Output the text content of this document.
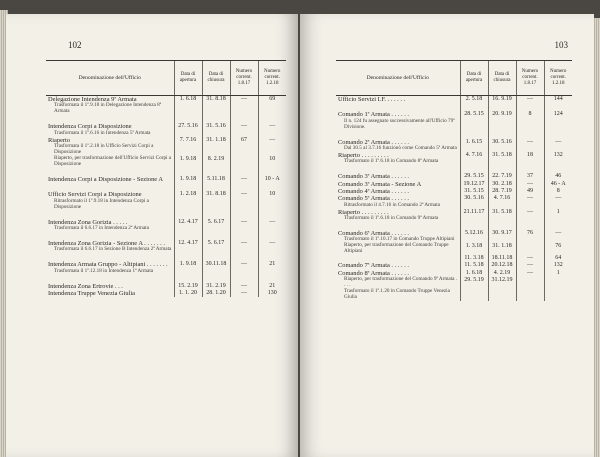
102
Denominazione dell'Ufficio	Data di apertura	Data di chiusura	Numero corrent. 1.8.17	Numero corrent. 1.2.18
Delegazione Intendenza 9ª Armata	1. 6.18	31. 8.18	—	69
Trasformata il 1º.9.18 in Delegazione Intendenza 8ª Armata				

Intendenza Corpi a Disposizione	27. 5.16	31. 5.16	—	—
Trasformata il 1º.6.16 in Intendenza 5ª Armata				
Riaperto	7. 7.16	31. 1.18	67	—
Trasformata il 1º.2.18 in Ufficio Servizi Corpi a Disposizione				
Riaperto, per trasformazione dell'Ufficio Servizi Corpi a Disposizione	1. 9.18	8. 2.19		10

Intendenza Corpi a Disposizione - Sezione A	1. 9.18	5.11.18	—	10 - A

Ufficio Servizi Corpi a Disposizione	1. 2.18	31. 8.18	—	10
Ritrasformato il 1º.9.18 in Intendenza Corpi a Disposizione				

Intendenza Zona Gorizia . . . . .	12. 4.17	5. 6.17	—	—
Trasformata il 6.6.17 in Intendenza 2ª Armata				

Intendenza Zona Gorizia - Sezione A . . . . . . .	12. 4.17	5. 6.17	—	—
Trasformata il 6.6.17 in Sezione B Intendenza 2ª Armata				

Intendenza Armata Gruppo - Altipiani . . . . . . .	1. 9.18	30.11.18	—	21
Trasformata il 1º.12.18 in Intendenza 1ª Armata				

Intendenza Zona Ertrovie . . .	15. 2.19	31. 2.19	—	21
Intendenza Truppe Venezia Giulia	1. 1. 20	28. 1.20	—	130
103
Denominazione dell'Ufficio	Data di apertura	Data di chiusura	Numero corrent. 1.8.17	Numero corrent. 1.2.18
Ufficio Servizi I.F. . . . . . .	2. 5.18	16. 9.19	—	144

Comando 1ª Armata . . . . . .	28. 5.15	20. 9.19	8	124
Il n. 124 fu assegnato successivamente all'Ufficio 79ª Divisione.				

Comando 2ª Armata . . . . . .	1. 6.15	30. 5.16	—	—
Dal 30.5 al 3.7.16 funzionò come Comando 5ª Armata				
Riaperto . . . . . . . . .	4. 7.16	31. 5.18	18	132
Trasformato il 1º.6.18 in Comando 8ª Armata				

Comando 3ª Armata . . . . . .	29. 5.15	22. 7.19	37	46
Comando 3ª Armata - Sezione A	19.12.17	30. 2.18	—	46 - A
Comando 4ª Armata . . . . . .	31. 5.15	28. 7.19	49	8
Comando 5ª Armata . . . . . .	30. 5.16	4. 7.16	—	—
Ritrasformato il 4.7.16 in Comando 2ª Armata				
Riaperto . . . . . . . . .	21.11.17	31. 5.18	—	1
Trasformato il 1º.6.18 in Comando 9ª Armata				

Comando 6ª Armata . . . . . .	5.12.16	30. 9.17	76	—
Trasformato il 1º.10.17 in Comando Truppe Altipiani				
Riaperto, per trasformazione del Comando Truppe Altipiani	1. 3.18	31. 1.18		76
	11. 3.18	18.11.18	—	64
Comando 7ª Armata . . . . . .	11. 5.18	20.12.18	—	132
Comando 8ª Armata . . . . . .	1. 6.18	4. 2.19	—	1
Riaperto, per trasformazione del Comando 9ª Armata . . . .	29. 5.19	31.12.19		
Trasformato il 1º.1.20 in Comando Truppe Venezia Giulia				
